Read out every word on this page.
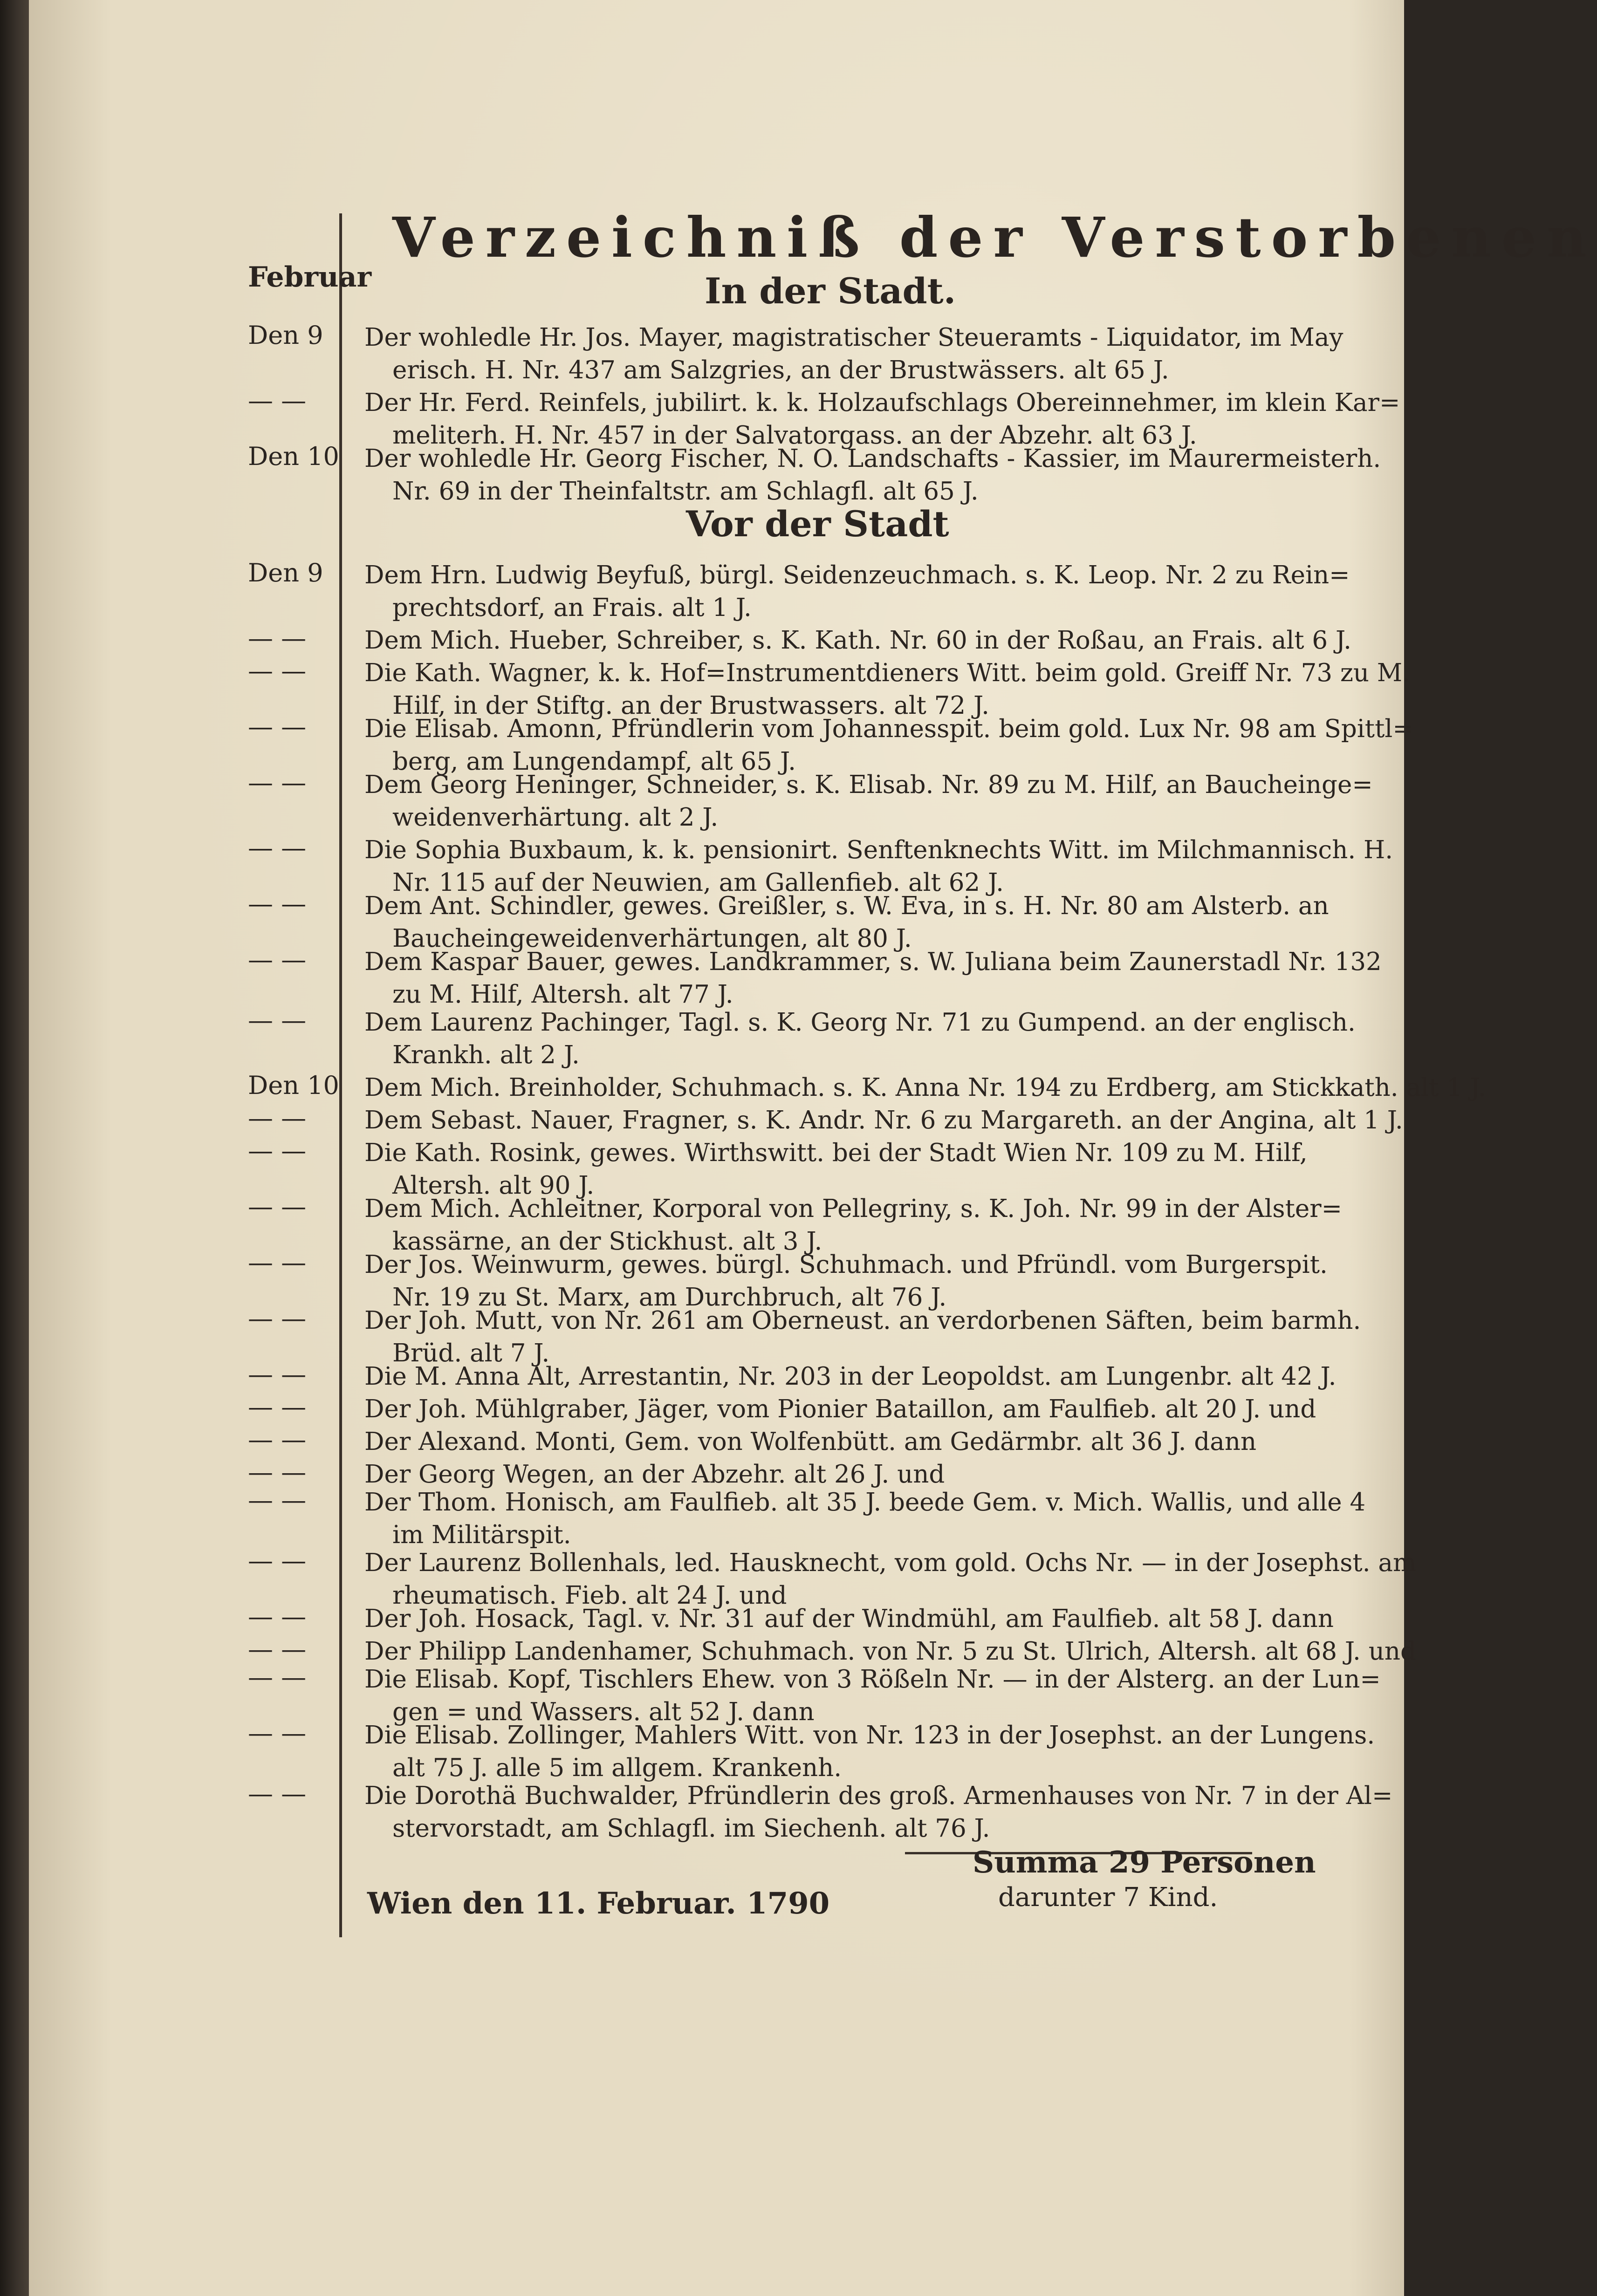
Verzeichniß der Verstorbenen
Februar	In der Stadt.
Vor der Stadt
Den 9	Der wohledle Hr. Jos. Mayer, magistratischer Steueramts - Liquidator, im May
erisch. H. Nr. 437 am Salzgries, an der Brustwässers. alt 65 J.
— —	Der Hr. Ferd. Reinfels, jubilirt. k. k. Holzaufschlags Obereinnehmer, im klein Kar=
meliterh. H. Nr. 457 in der Salvatorgass. an der Abzehr. alt 63 J.
Den 10 Der wohledle Hr. Georg Fischer, N. O. Landschafts - Kassier, im Maurermeisterh.
Nr. 69 in der Theinfaltstr. am Schlagfl. alt 65 J.
Den 9	Dem Hrn. Ludwig Beyfuß, bürgl. Seidenzeuchmach. s. K. Leop. Nr. 2 zu Rein=
prechtsdorf, an Frais. alt 1 J.
— —	Dem Mich. Hueber, Schreiber, s. K. Kath. Nr. 60 in der Roßau, an Frais. alt 6 J.
— —	Die Kath. Wagner, k. k. Hof=Instrumentdieners Witt. beim gold. Greiff Nr. 73 zu M.
Hilf, in der Stiftg. an der Brustwassers. alt 72 J.
— —	Die Elisab. Amonn, Pfründlerin vom Johannesspit. beim gold. Lux Nr. 98 am Spittl=
berg, am Lungendampf, alt 65 J.
— —	Dem Georg Heninger, Schneider, s. K. Elisab. Nr. 89 zu M. Hilf, an Baucheinge=
weidenverhärtung. alt 2 J.
— —	Die Sophia Buxbaum, k. k. pensionirt. Senftenknechts Witt. im Milchmannisch. H.
Nr. 115 auf der Neuwien, am Gallenfieb. alt 62 J.
— —	Dem Ant. Schindler, gewes. Greißler, s. W. Eva, in s. H. Nr. 80 am Alsterb. an
Baucheingeweidenverhärtungen, alt 80 J.
— —	Dem Kaspar Bauer, gewes. Landkrammer, s. W. Juliana beim Zaunerstadl Nr. 132
zu M. Hilf, Altersh. alt 77 J.
— —	Dem Laurenz Pachinger, Tagl. s. K. Georg Nr. 71 zu Gumpend. an der englisch.
Krankh. alt 2 J.
Den 10 Dem Mich. Breinholder, Schuhmach. s. K. Anna Nr. 194 zu Erdberg, am Stickkath. alt 1 J.
— —	Dem Sebast. Nauer, Fragner, s. K. Andr. Nr. 6 zu Margareth. an der Angina, alt 1 J.
— —	Die Kath. Rosink, gewes. Wirthswitt. bei der Stadt Wien Nr. 109 zu M. Hilf,
Altersh. alt 90 J.
— —	Dem Mich. Achleitner, Korporal von Pellegriny, s. K. Joh. Nr. 99 in der Alster=
kassärne, an der Stickhust. alt 3 J.
— —	Der Jos. Weinwurm, gewes. bürgl. Schuhmach. und Pfründl. vom Burgerspit.
Nr. 19 zu St. Marx, am Durchbruch, alt 76 J.
— —	Der Joh. Mutt, von Nr. 261 am Oberneust. an verdorbenen Säften, beim barmh.
Brüd. alt 7 J.
— —	Die M. Anna Alt, Arrestantin, Nr. 203 in der Leopoldst. am Lungenbr. alt 42 J.
— —	Der Joh. Mühlgraber, Jäger, vom Pionier Bataillon, am Faulfieb. alt 20 J. und
— —	Der Alexand. Monti, Gem. von Wolfenbütt. am Gedärmbr. alt 36 J. dann
— —	Der Georg Wegen, an der Abzehr. alt 26 J. und
— —	Der Thom. Honisch, am Faulfieb. alt 35 J. beede Gem. v. Mich. Wallis, und alle 4
im Militärspit.
— —	Der Laurenz Bollenhals, led. Hausknecht, vom gold. Ochs Nr. — in der Josephst. am
rheumatisch. Fieb. alt 24 J. und
— —	Der Joh. Hosack, Tagl. v. Nr. 31 auf der Windmühl, am Faulfieb. alt 58 J. dann
— —	Der Philipp Landenhamer, Schuhmach. von Nr. 5 zu St. Ulrich, Altersh. alt 68 J. und
— —	Die Elisab. Kopf, Tischlers Ehew. von 3 Rößeln Nr. — in der Alsterg. an der Lun=
gen = und Wassers. alt 52 J. dann
— —	Die Elisab. Zollinger, Mahlers Witt. von Nr. 123 in der Josephst. an der Lungens.
alt 75 J. alle 5 im allgem. Krankenh.
— —	Die Dorothä Buchwalder, Pfründlerin des groß. Armenhauses von Nr. 7 in der Al=
stervorstadt, am Schlagfl. im Siechenh. alt 76 J.
Summa 29 Personen
darunter 7 Kind.
Wien den 11. Februar. 1790
